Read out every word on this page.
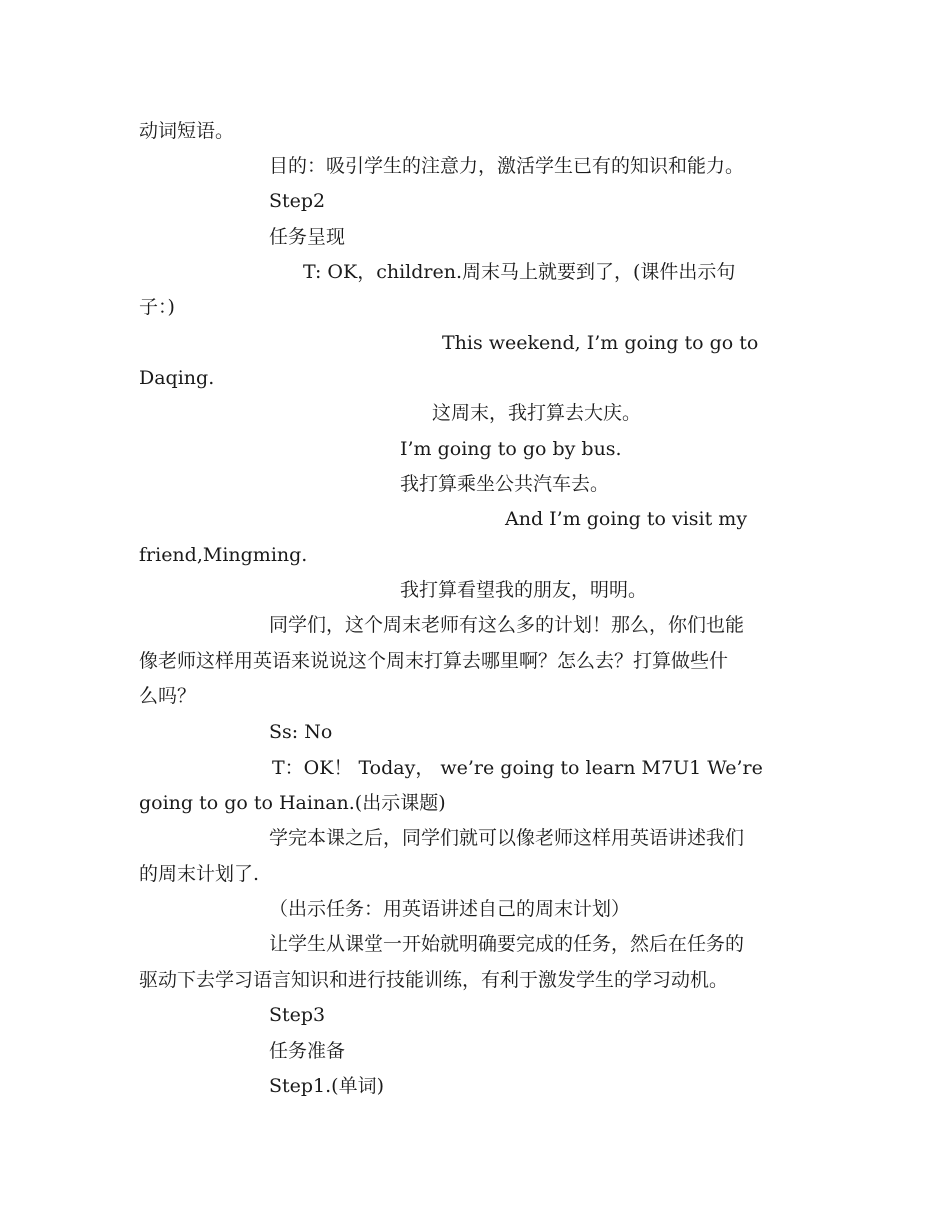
动词短语。
目的：吸引学生的注意力，激活学生已有的知识和能力。
Step2
任务呈现
T: OK，children.周末马上就要到了，(课件出示句
子：)
This weekend, I’m going to go to
Daqing.
这周末，我打算去大庆。
I’m going to go by bus.
我打算乘坐公共汽车去。
And I’m going to visit my
friend,Mingming.
我打算看望我的朋友，明明。
同学们，这个周末老师有这么多的计划！那么，你们也能
像老师这样用英语来说说这个周末打算去哪里啊？怎么去？打算做些什
么吗？
Ss: No
T：OK！ Today， we’re going to learn M7U1 We’re
going to go to Hainan.(出示课题)
学完本课之后，同学们就可以像老师这样用英语讲述我们
的周末计划了.
（出示任务：用英语讲述自己的周末计划）
让学生从课堂一开始就明确要完成的任务，然后在任务的
驱动下去学习语言知识和进行技能训练，有利于激发学生的学习动机。
Step3
任务准备
Step1.(单词)
